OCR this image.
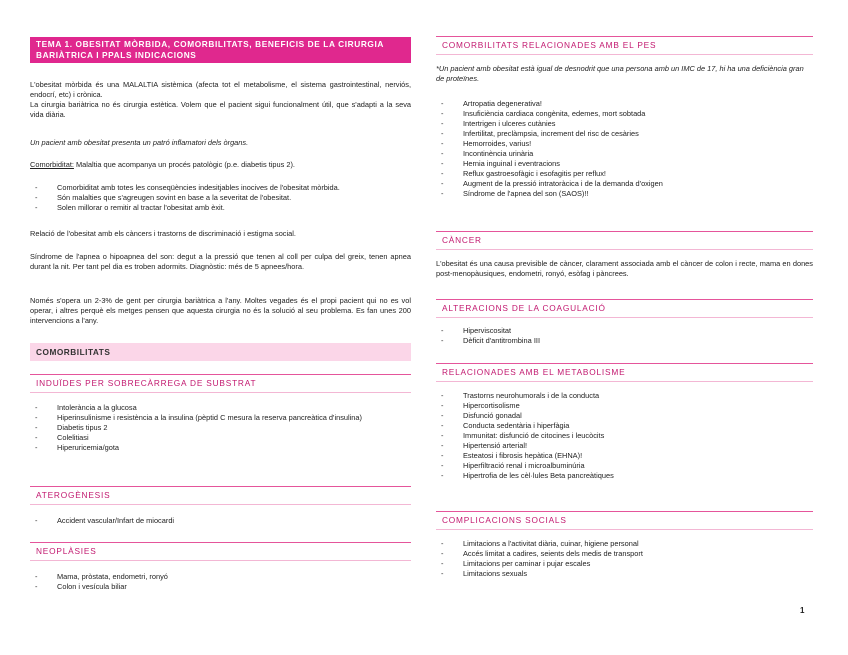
TEMA 1. OBESITAT MÒRBIDA, COMORBILITATS, BENEFICIS DE LA CIRURGIA BARIÀTRICA I PPALS INDICACIONS

L'obesitat mòrbida és una MALALTIA sistèmica (afecta tot el metabolisme, el sistema gastrointestinal, nerviós, endocrí, etc) i crònica.

La cirurgia bariàtrica no és cirurgia estètica. Volem que el pacient sigui funcionalment útil, que s'adapti a la seva vida diària.

Un pacient amb obesitat presenta un patró inflamatori dels òrgans.

Comorbiditat: Malaltia que acompanya un procés patològic (p.e. diabetis tipus 2).

- Comorbiditat amb totes les conseqüències indesitjables inocives de l'obesitat mòrbida.
- Són malalties que s'agreugen sovint en base a la severitat de l'obesitat.
- Solen millorar o remitir al tractar l'obesitat amb èxit.

Relació de l'obesitat amb els càncers i trastorns de discriminació i estigma social.

Síndrome de l'apnea o hipoapnea del son: degut a la pressió que tenen al coll per culpa del greix, tenen apnea durant la nit. Per tant pel dia es troben adormits. Diagnòstic: més de 5 apnees/hora.

Només s'opera un 2-3% de gent per cirurgia bariàtrica a l'any. Moltes vegades és el propi pacient qui no es vol operar, i altres perquè els metges pensen que aquesta cirurgia no és la solució al seu problema. Es fan unes 200 intervencions a l'any.

COMORBILITATS
INDUÏDES PER SOBRECÀRREGA DE SUBSTRAT
- Intolerància a la glucosa
- Hiperinsulinisme i resistència a la insulina (pèptid C mesura la reserva pancreàtica d'insulina)
- Diabetis tipus 2
- Colelitiasi
- Hiperuricemia/gota
ATEROGÈNESIS
- Accident vascular/Infart de miocardi
NEOPLÀSIES
- Mama, pròstata, endometri, ronyó
- Colon i vesícula biliar
COMORBILITATS RELACIONADES AMB EL PES

*Un pacient amb obesitat està igual de desnodrit que una persona amb un IMC de 17, hi ha una deficiència gran de proteïnes.

- Artropatia degenerativa!
- Insuficiència cardiaca congènita, edemes, mort sobtada
- Intertrigen i ulceres cutànies
- Infertilitat, preclàmpsia, increment del risc de cesàries
- Hemorroides, varius!
- Incontinència urinària
- Hernia inguinal i eventracions
- Reflux gastroesofàgic i esofagitis per reflux!
- Augment de la pressió intratoràcica i de la demanda d'oxigen
- Síndrome de l'apnea del son (SAOS)!!
CÀNCER

L'obesitat és una causa previsible de càncer, clarament associada amb el càncer de colon i recte, mama en dones post-menopàusiques, endometri, ronyó, esòfag i pàncrees.

ALTERACIONS DE LA COAGULACIÓ
- Hiperviscositat
- Dèficit d'antitrombina III
RELACIONADES AMB EL METABOLISME
- Trastorns neurohumorals i de la conducta
- Hipercortisolisme
- Disfunció gonadal
- Conducta sedentària i hiperfàgia
- Immunitat: disfunció de citocines i leucòcits
- Hipertensió arterial!
- Esteatosi i fibrosis hepàtica (EHNA)!
- Hiperfiltració renal i microalbuminúria
- Hipertrofia de les cèl·lules Beta pancreàtiques
COMPLICACIONS SOCIALS
- Limitacions a l'activitat diària, cuinar, higiene personal
- Accés limitat a cadires, seients dels medis de transport
- Limitacions per caminar i pujar escales
- Limitacions sexuals
1
